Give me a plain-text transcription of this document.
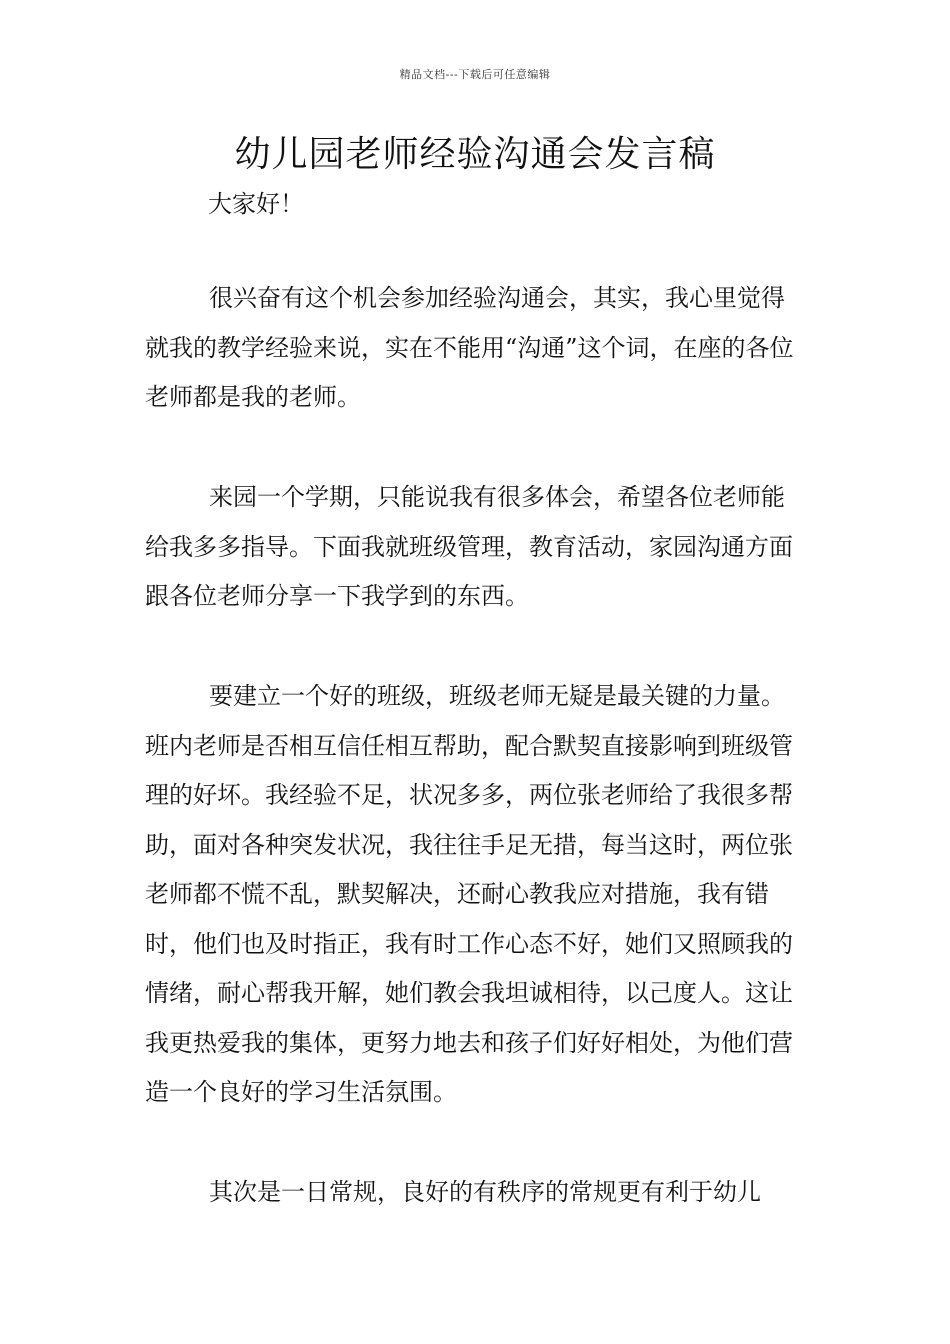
精品文档---下载后可任意编辑
幼儿园老师经验沟通会发言稿

大家好！

很兴奋有这个机会参加经验沟通会，其实，我心里觉得就我的教学经验来说，实在不能用“沟通”这个词，在座的各位老师都是我的老师。

来园一个学期，只能说我有很多体会，希望各位老师能给我多多指导。下面我就班级管理，教育活动，家园沟通方面跟各位老师分享一下我学到的东西。

要建立一个好的班级，班级老师无疑是最关键的力量。班内老师是否相互信任相互帮助，配合默契直接影响到班级管理的好坏。我经验不足，状况多多，两位张老师给了我很多帮助，面对各种突发状况，我往往手足无措，每当这时，两位张老师都不慌不乱，默契解决，还耐心教我应对措施，我有错时，他们也及时指正，我有时工作心态不好，她们又照顾我的情绪，耐心帮我开解，她们教会我坦诚相待，以己度人。这让我更热爱我的集体，更努力地去和孩子们好好相处，为他们营造一个良好的学习生活氛围。

其次是一日常规，良好的有秩序的常规更有利于幼儿
